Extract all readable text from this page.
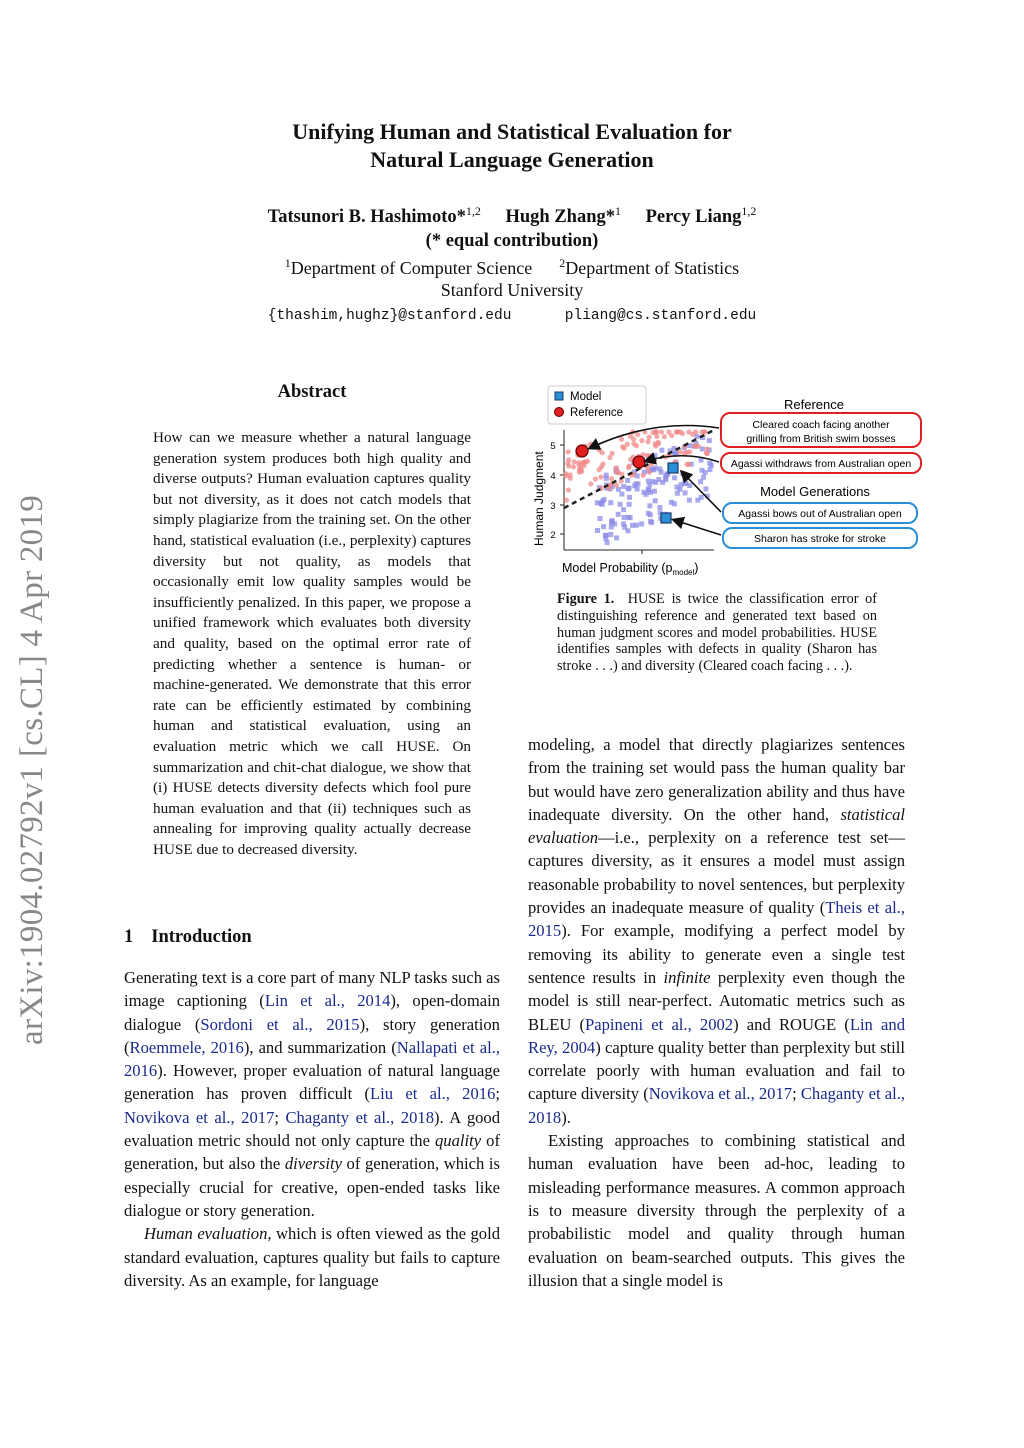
arXiv:1904.02792v1 [cs.CL] 4 Apr 2019
Unifying Human and Statistical Evaluation for
Natural Language Generation
Tatsunori B. Hashimoto*$^{1,2}$ Hugh Zhang*$^1$ Percy Liang$^{1,2}$
(* equal contribution)
$^1$Department of Computer Science $^2$Department of Statistics
Stanford University
{thashim,hughz}@stanford.edu	pliang@cs.stanford.edu
Abstract

How can we measure whether a natural language generation system produces both high quality and diverse outputs? Human evaluation captures quality but not diversity, as it does not catch models that simply plagiarize from the training set. On the other hand, statistical evaluation (i.e., perplexity) captures diversity but not quality, as models that occasionally emit low quality samples would be insufficiently penalized. In this paper, we propose a unified framework which evaluates both diversity and quality, based on the optimal error rate of predicting whether a sentence is human- or machine-generated. We demonstrate that this error rate can be efficiently estimated by combining human and statistical evaluation, using an evaluation metric which we call HUSE. On summarization and chit-chat dialogue, we show that (i) HUSE detects diversity defects which fool pure human evaluation and that (ii) techniques such as annealing for improving quality actually decrease HUSE due to decreased diversity.

1 Introduction

Generating text is a core part of many NLP tasks such as image captioning (Lin et al., 2014), open-domain dialogue (Sordoni et al., 2015), story generation (Roemmele, 2016), and summarization (Nallapati et al., 2016). However, proper evaluation of natural language generation has proven difficult (Liu et al., 2016; Novikova et al., 2017; Chaganty et al., 2018). A good evaluation metric should not only capture the quality of generation, but also the diversity of generation, which is especially crucial for creative, open-ended tasks like dialogue or story generation.

Human evaluation, which is often viewed as the gold standard evaluation, captures quality but fails to capture diversity. As an example, for language

modeling, a model that directly plagiarizes sentences from the training set would pass the human quality bar but would have zero generalization ability and thus have inadequate diversity. On the other hand, statistical evaluation—i.e., perplexity on a reference test set—captures diversity, as it ensures a model must assign reasonable probability to novel sentences, but perplexity provides an inadequate measure of quality (Theis et al., 2015). For example, modifying a perfect model by removing its ability to generate even a single test sentence results in infinite perplexity even though the model is still near-perfect. Automatic metrics such as BLEU (Papineni et al., 2002) and ROUGE (Lin and Rey, 2004) capture quality better than perplexity but still correlate poorly with human evaluation and fail to capture diversity (Novikova et al., 2017; Chaganty et al., 2018).

Existing approaches to combining statistical and human evaluation have been ad-hoc, leading to misleading performance measures. A common approach is to measure diversity through the perplexity of a probabilistic model and quality through human evaluation on beam-searched outputs. This gives the illusion that a single model is

Model
Reference
2
3
4
5
Human Judgment
Model Probability $(p_{model})$
Reference
Cleared coach facing another
grilling from British swim bosses
Agassi withdraws from Australian open
Model Generations
Agassi bows out of Australian open
Sharon has stroke for stroke
Figure 1. HUSE is twice the classification error of distinguishing reference and generated text based on human judgment scores and model probabilities. HUSE identifies samples with defects in quality (Sharon has stroke . . .) and diversity (Cleared coach facing . . .).
